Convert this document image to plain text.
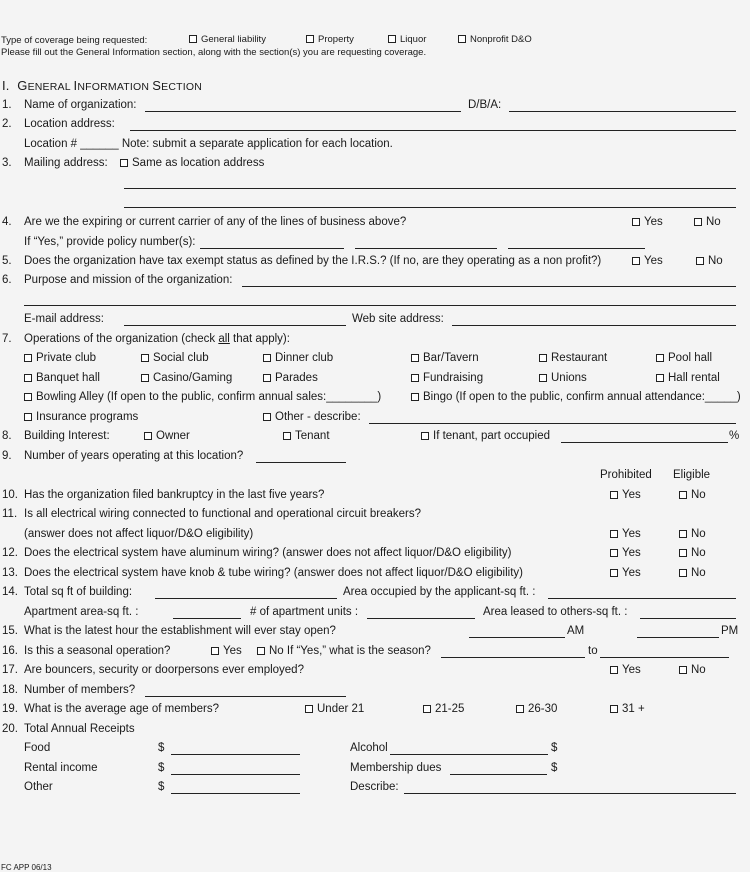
Type of coverage being requested:	General liability	Property	Liquor	Nonprofit D&O
Please fill out the General Information section, along with the section(s) you are requesting coverage.
I. GENERAL INFORMATION SECTION
1. Name of organization:	D/B/A:
2. Location address:
Location # ______ Note: submit a separate application for each location.
3. Mailing address:	Same as location address
4. Are we the expiring or current carrier of any of the lines of business above?	Yes	No
If “Yes,” provide policy number(s):
5. Does the organization have tax exempt status as defined by the I.R.S.? (If no, are they operating as a non profit?)	Yes	No
6. Purpose and mission of the organization:
E-mail address:	Web site address:
7. Operations of the organization (check all that apply):
Private club	Social club	Dinner club	Bar/Tavern	Restaurant	Pool hall
Banquet hall	Casino/Gaming	Parades	Fundraising	Unions	Hall rental
Bowling Alley (If open to the public, confirm annual sales:________)	Bingo (If open to the public, confirm annual attendance:_____)
Insurance programs	Other - describe:
8. Building Interest:	Owner	Tenant	If tenant, part occupied	%
9. Number of years operating at this location?
Prohibited Eligible
10. Has the organization filed bankruptcy in the last five years?	Yes	No
11. Is all electrical wiring connected to functional and operational circuit breakers?
(answer does not affect liquor/D&O eligibility)	Yes	No
12. Does the electrical system have aluminum wiring? (answer does not affect liquor/D&O eligibility)	Yes	No
13. Does the electrical system have knob & tube wiring? (answer does not affect liquor/D&O eligibility)	Yes	No
14. Total sq ft of building:	Area occupied by the applicant-sq ft. :
Apartment area-sq ft. :	# of apartment units :	Area leased to others-sq ft. :
15. What is the latest hour the establishment will ever stay open?	AM	PM
16. Is this a seasonal operation?	Yes	No If “Yes,” what is the season?	to
17. Are bouncers, security or doorpersons ever employed?	Yes	No
18. Number of members?
19. What is the average age of members?	Under 21	21-25	26-30	31 +
20. Total Annual Receipts
Food	$	Alcohol	$
Rental income	$	Membership dues	$
Other	$	Describe:
FC APP 06/13
